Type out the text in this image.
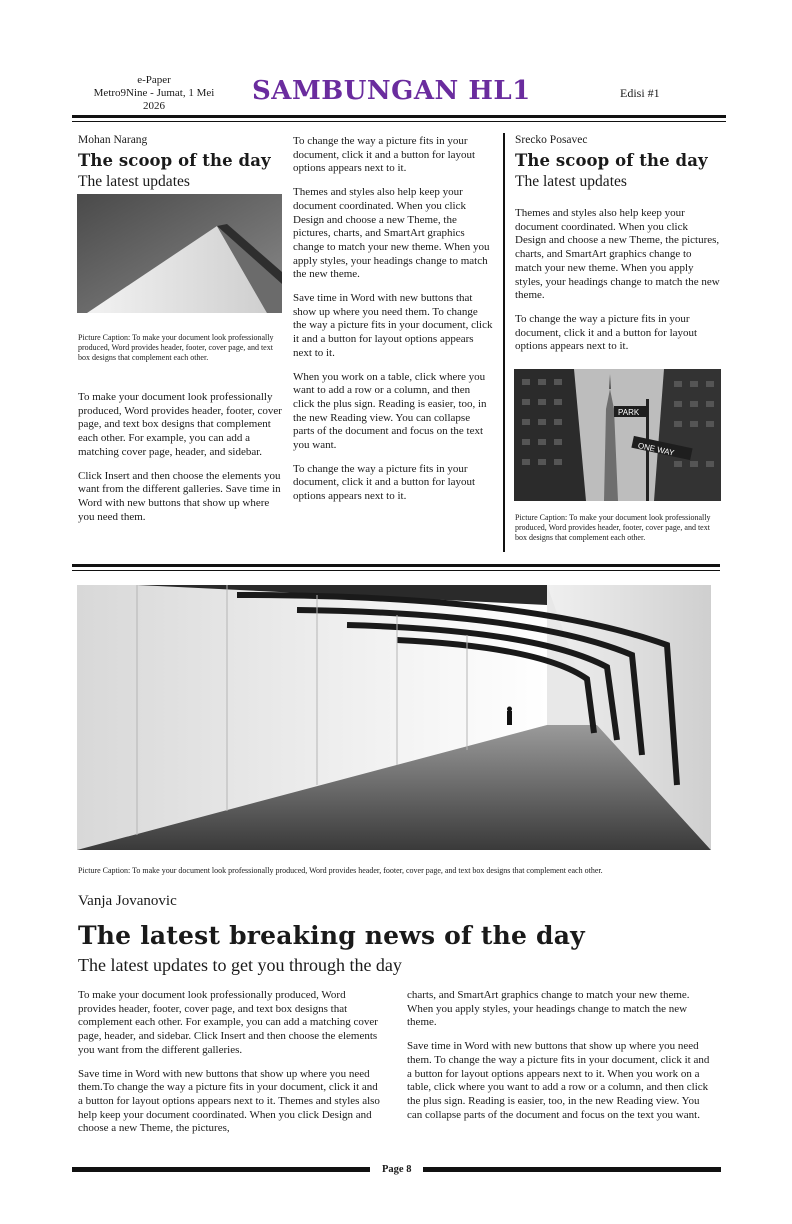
e-Paper
Metro9Nine - Jumat, 1 Mei
2026	SAMBUNGAN HL1	Edisi #1
Mohan Narang
The scoop of the day
The latest updates
Picture Caption: To make your document look professionally produced, Word provides header, footer, cover page, and text box designs that complement each other.

To make your document look professionally produced, Word provides header, footer, cover page, and text box designs that complement each other. For example, you can add a matching cover page, header, and sidebar.

Click Insert and then choose the elements you want from the different galleries. Save time in Word with new buttons that show up where you need them.

To change the way a picture fits in your document, click it and a button for layout options appears next to it.

Themes and styles also help keep your document coordinated. When you click Design and choose a new Theme, the pictures, charts, and SmartArt graphics change to match your new theme. When you apply styles, your headings change to match the new theme.

Save time in Word with new buttons that show up where you need them. To change the way a picture fits in your document, click it and a button for layout options appears next to it.

When you work on a table, click where you want to add a row or a column, and then click the plus sign. Reading is easier, too, in the new Reading view. You can collapse parts of the document and focus on the text you want.

To change the way a picture fits in your document, click it and a button for layout options appears next to it.

Srecko Posavec
The scoop of the day
The latest updates

Themes and styles also help keep your document coordinated. When you click Design and choose a new Theme, the pictures, charts, and SmartArt graphics change to match your new theme. When you apply styles, your headings change to match the new theme.

To change the way a picture fits in your document, click it and a button for layout options appears next to it.

PARK
ONE WAY
Picture Caption: To make your document look professionally produced, Word provides header, footer, cover page, and text box designs that complement each other.
Picture Caption: To make your document look professionally produced, Word provides header, footer, cover page, and text box designs that complement each other.
Vanja Jovanovic
The latest breaking news of the day
The latest updates to get you through the day

To make your document look professionally produced, Word provides header, footer, cover page, and text box designs that complement each other. For example, you can add a matching cover page, header, and sidebar. Click Insert and then choose the elements you want from the different galleries.

Save time in Word with new buttons that show up where you need them.To change the way a picture fits in your document, click it and a button for layout options appears next to it. Themes and styles also help keep your document coordinated. When you click Design and choose a new Theme, the pictures,

charts, and SmartArt graphics change to match your new theme. When you apply styles, your headings change to match the new theme.

Save time in Word with new buttons that show up where you need them. To change the way a picture fits in your document, click it and a button for layout options appears next to it. When you work on a table, click where you want to add a row or a column, and then click the plus sign. Reading is easier, too, in the new Reading view. You can collapse parts of the document and focus on the text you want.

Page 8
